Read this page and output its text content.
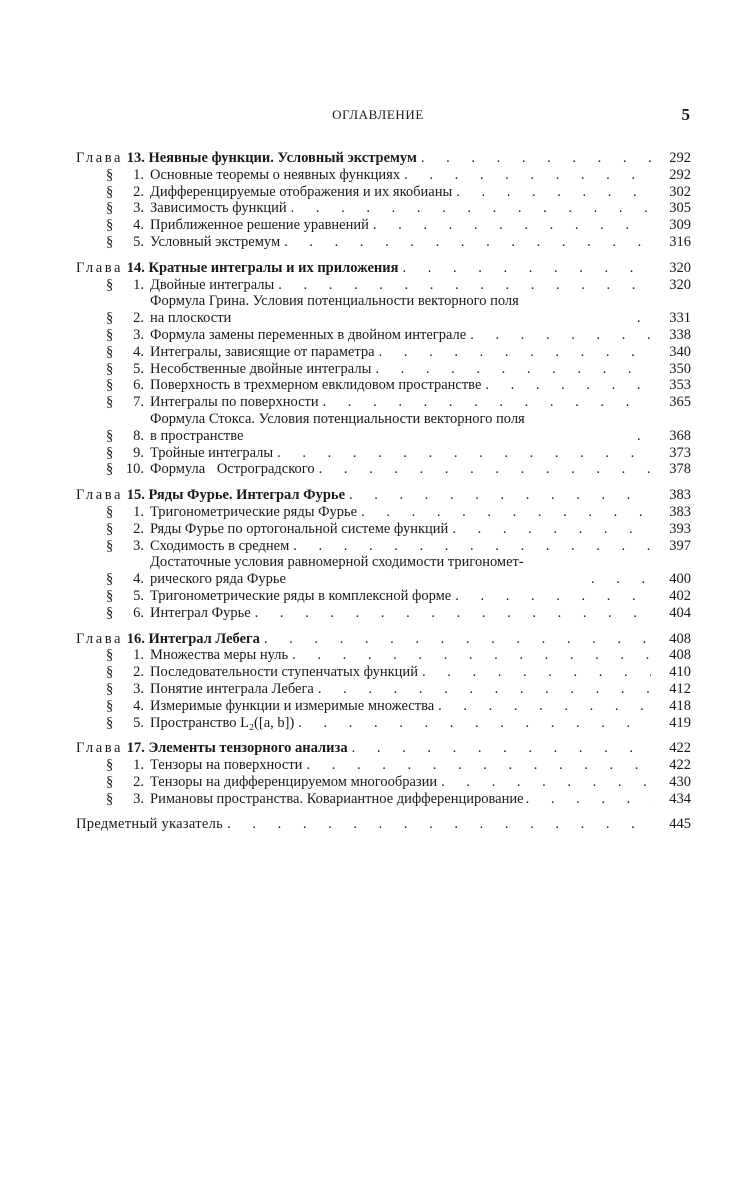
ОГЛАВЛЕНИЕ	5
Глава 13. Неявные функции. Условный экстремум . . .	292
§	1. Основные теоремы о неявных функциях . . .	292
§	2. Дифференцируемые отображения и их якобианы . . .	302
§	3. Зависимость функций . . .	305
§	4. Приближенное решение уравнений . . .	309
§	5. Условный экстремум . . .	316
Глава 14. Кратные интегралы и их приложения . . .	320
§	1. Двойные интегралы . . .	320
§	2.
Формула Грина. Условия потенциальности векторного поля
на плоскости . . .	331
§	3. Формула замены переменных в двойном интеграле . . .	338
§	4. Интегралы, зависящие от параметра . . .	340
§	5. Несобственные двойные интегралы . . .	350
§	6. Поверхность в трехмерном евклидовом пространстве . . .	353
§	7. Интегралы по поверхности . . .	365
§	8.
Формула Стокса. Условия потенциальности векторного поля
в пространстве . . .	368
§	9. Тройные интегралы . . .	373
§ 10. Формула Остроградского . . .	378
Глава 15. Ряды Фурье. Интеграл Фурье . . .	383
§	1. Тригонометрические ряды Фурье . . .	383
§	2. Ряды Фурье по ортогональной системе функций . . .	393
§	3. Сходимость в среднем . . .	397
§	4.
Достаточные условия равномерной сходимости тригономет-
рического ряда Фурье . . .	400
§	5. Тригонометрические ряды в комплексной форме . . .	402
§	6. Интеграл Фурье . . .	404
Глава 16. Интеграл Лебега . . .	408
§	1. Множества меры нуль . . .	408
§	2. Последовательности ступенчатых функций . . .	410
§	3. Понятие интеграла Лебега . . .	412
§	4. Измеримые функции и измеримые множества . . .	418
§	5. Пространство L₂([a, b]) . . .	419
Глава 17. Элементы тензорного анализа . . .	422
§	1. Тензоры на поверхности . . .	422
§	2. Тензоры на дифференцируемом многообразии . . .	430
§	3. Римановы пространства. Ковариантное дифференцирование . . .	434
Предметный указатель . . .	445
